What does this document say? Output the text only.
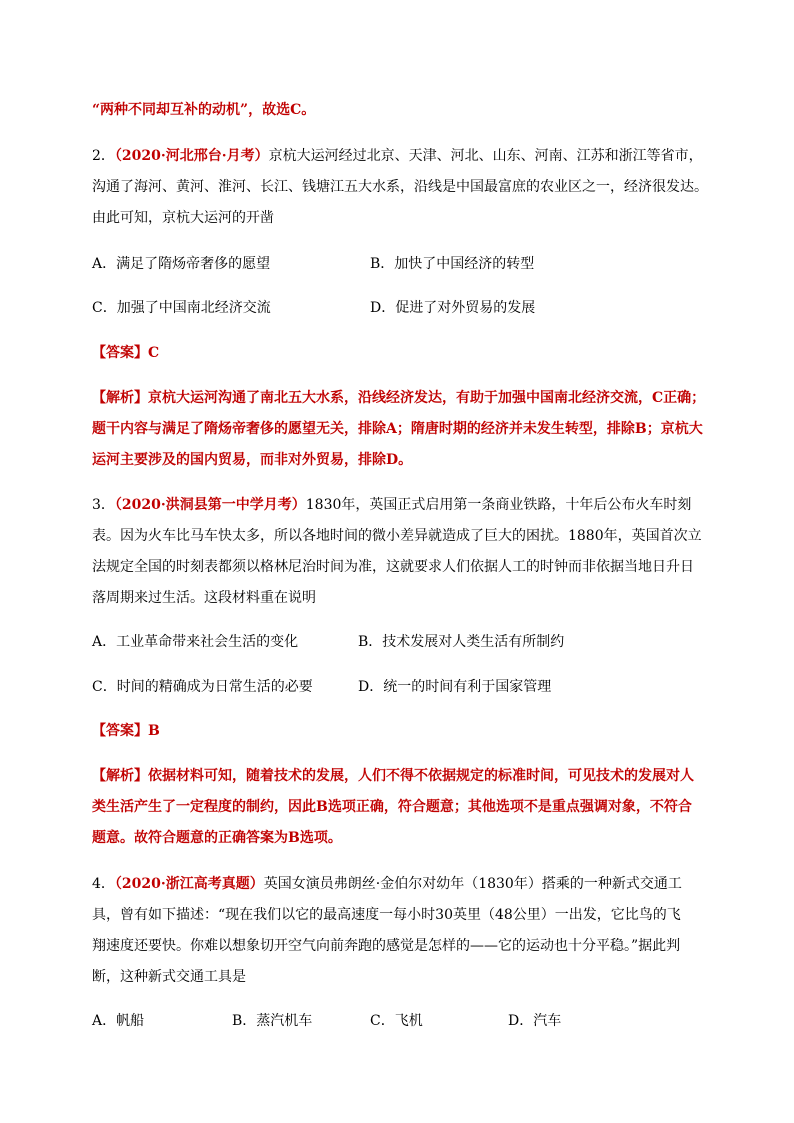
“两种不同却互补的动机”，故选C。
2．（2020·河北邢台·月考）京杭大运河经过北京、天津、河北、山东、河南、江苏和浙江等省市，
沟通了海河、黄河、淮河、长江、钱塘江五大水系，沿线是中国最富庶的农业区之一，经济很发达。
由此可知，京杭大运河的开凿
A．满足了隋炀帝奢侈的愿望	B．加快了中国经济的转型
C．加强了中国南北经济交流	D．促进了对外贸易的发展
【答案】C
【解析】京杭大运河沟通了南北五大水系，沿线经济发达，有助于加强中国南北经济交流，C正确；
题干内容与满足了隋炀帝奢侈的愿望无关，排除A；隋唐时期的经济并未发生转型，排除B；京杭大
运河主要涉及的国内贸易，而非对外贸易，排除D。
3．（2020·洪洞县第一中学月考）1830年，英国正式启用第一条商业铁路，十年后公布火车时刻
表。因为火车比马车快太多，所以各地时间的微小差异就造成了巨大的困扰。1880年，英国首次立
法规定全国的时刻表都须以格林尼治时间为准，这就要求人们依据人工的时钟而非依据当地日升日
落周期来过生活。这段材料重在说明
A．工业革命带来社会生活的变化	B．技术发展对人类生活有所制约
C．时间的精确成为日常生活的必要	D．统一的时间有利于国家管理
【答案】B
【解析】依据材料可知，随着技术的发展，人们不得不依据规定的标准时间，可见技术的发展对人
类生活产生了一定程度的制约，因此B选项正确，符合题意；其他选项不是重点强调对象，不符合
题意。故符合题意的正确答案为B选项。
4．（2020·浙江高考真题）英国女演员弗朗丝·金伯尔对幼年（1830年）搭乘的一种新式交通工
具，曾有如下描述：“现在我们以它的最高速度一每小时30英里（48公里）一出发，它比鸟的飞
翔速度还要快。你难以想象切开空气向前奔跑的感觉是怎样的——它的运动也十分平稳。”据此判
断，这种新式交通工具是
A．帆船	B．蒸汽机车	C．飞机	D．汽车
